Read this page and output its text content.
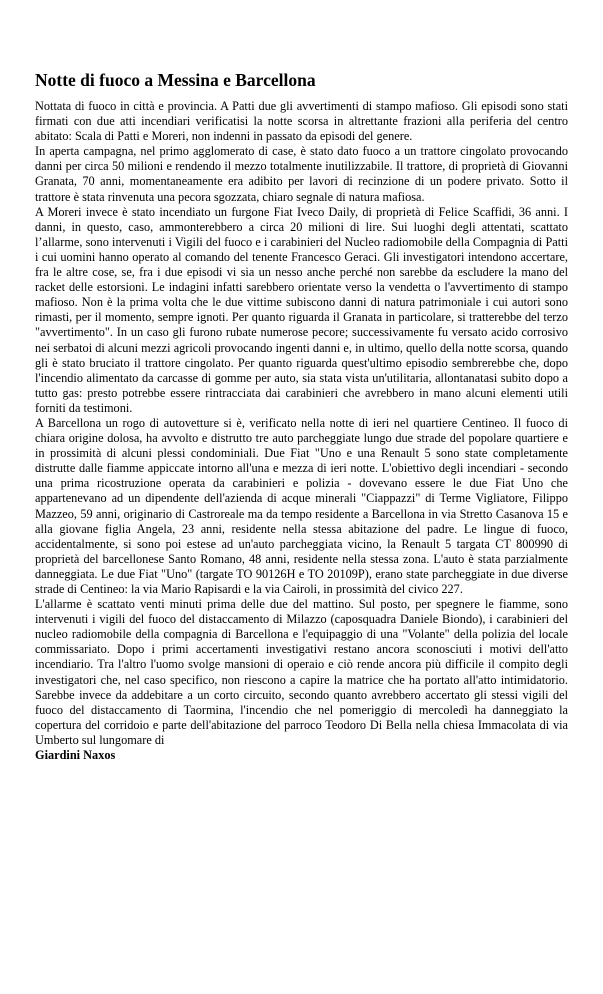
Notte di fuoco a Messina e Barcellona

Nottata di fuoco in città e provincia. A Patti due gli avvertimenti di stampo mafioso. Gli episodi sono stati firmati con due atti incendiari verificatisi la notte scorsa in altrettante frazioni alla periferia del centro abitato: Scala di Patti e Moreri, non indenni in passato da episodi del genere.

In aperta campagna, nel primo agglomerato di case, è stato dato fuoco a un trattore cingolato provocando danni per circa 50 milioni e rendendo il mezzo totalmente inutilizzabile. Il trattore, di proprietà di Giovanni Granata, 70 anni, momentaneamente era adibito per lavori di recinzione di un podere privato. Sotto il trattore è stata rinvenuta una pecora sgozzata, chiaro segnale di natura mafiosa.

A Moreri invece è stato incendiato un furgone Fiat Iveco Daily, di proprietà di Felice Scaffidi, 36 anni. I danni, in questo, caso, ammonterebbero a circa 20 milioni di lire. Sui luoghi degli attentati, scattato l’allarme, sono intervenuti i Vigili del fuoco e i carabinieri del Nucleo radiomobile della Compagnia di Patti i cui uomini hanno operato al comando del tenente Francesco Geraci. Gli investigatori intendono accertare, fra le altre cose, se, fra i due episodi vi sia un nesso anche perché non sarebbe da escludere la mano del racket delle estorsioni. Le indagini infatti sarebbero orientate verso la vendetta o l'avvertimento di stampo mafioso. Non è la prima volta che le due vittime subiscono danni di natura patrimoniale i cui autori sono rimasti, per il momento, sempre ignoti. Per quanto riguarda il Granata in particolare, si tratterebbe del terzo "avvertimento". In un caso gli furono rubate numerose pecore; successivamente fu versato acido corrosivo nei serbatoi di alcuni mezzi agricoli provocando ingenti danni e, in ultimo, quello della notte scorsa, quando gli è stato bruciato il trattore cingolato. Per quanto riguarda quest'ultimo episodio sembrerebbe che, dopo l'incendio alimentato da carcasse di gomme per auto, sia stata vista un'utilitaria, allontanatasi subito dopo a tutto gas: presto potrebbe essere rintracciata dai carabinieri che avrebbero in mano alcuni elementi utili forniti da testimoni.

A Barcellona un rogo di autovetture si è, verificato nella notte di ieri nel quartiere Centineo. Il fuoco di chiara origine dolosa, ha avvolto e distrutto tre auto parcheggiate lungo due strade del popolare quartiere e in prossimità di alcuni plessi condominiali. Due Fiat "Uno e una Renault 5 sono state completamente distrutte dalle fiamme appiccate intorno all'una e mezza di ieri notte. L'obiettivo degli incendiari - secondo una prima ricostruzione operata da carabinieri e polizia - dovevano essere le due Fiat Uno che appartenevano ad un dipendente dell'azienda di acque minerali "Ciappazzi" di Terme Vigliatore, Filippo Mazzeo, 59 anni, originario di Castroreale ma da tempo residente a Barcellona in via Stretto Casanova 15 e alla giovane figlia Angela, 23 anni, residente nella stessa abitazione del padre. Le lingue di fuoco, accidentalmente, si sono poi estese ad un'auto parcheggiata vicino, la Renault 5 targata CT 800990 di proprietà del barcellonese Santo Romano, 48 anni, residente nella stessa zona. L'auto è stata parzialmente danneggiata. Le due Fiat "Uno" (targate TO 90126H e TO 20109P), erano state parcheggiate in due diverse strade di Centineo: la via Mario Rapisardi e la via Cairoli, in prossimità del civico 227.

L'allarme è scattato venti minuti prima delle due del mattino. Sul posto, per spegnere le fiamme, sono intervenuti i vigili del fuoco del distaccamento di Milazzo (caposquadra Daniele Biondo), i carabinieri del nucleo radiomobile della compagnia di Barcellona e l'equipaggio di una "Volante" della polizia del locale commissariato. Dopo i primi accertamenti investigativi restano ancora sconosciuti i motivi dell'atto incendiario. Tra l'altro l'uomo svolge mansioni di operaio e ciò rende ancora più difficile il compito degli investigatori che, nel caso specifico, non riescono a capire la matrice che ha portato all'atto intimidatorio. Sarebbe invece da addebitare a un corto circuito, secondo quanto avrebbero accertato gli stessi vigili del fuoco del distaccamento di Taormina, l'incendio che nel pomeriggio di mercoledì ha danneggiato la copertura del corridoio e parte dell'abitazione del parroco Teodoro Di Bella nella chiesa Immacolata di via Umberto sul lungomare di

Giardini Naxos
